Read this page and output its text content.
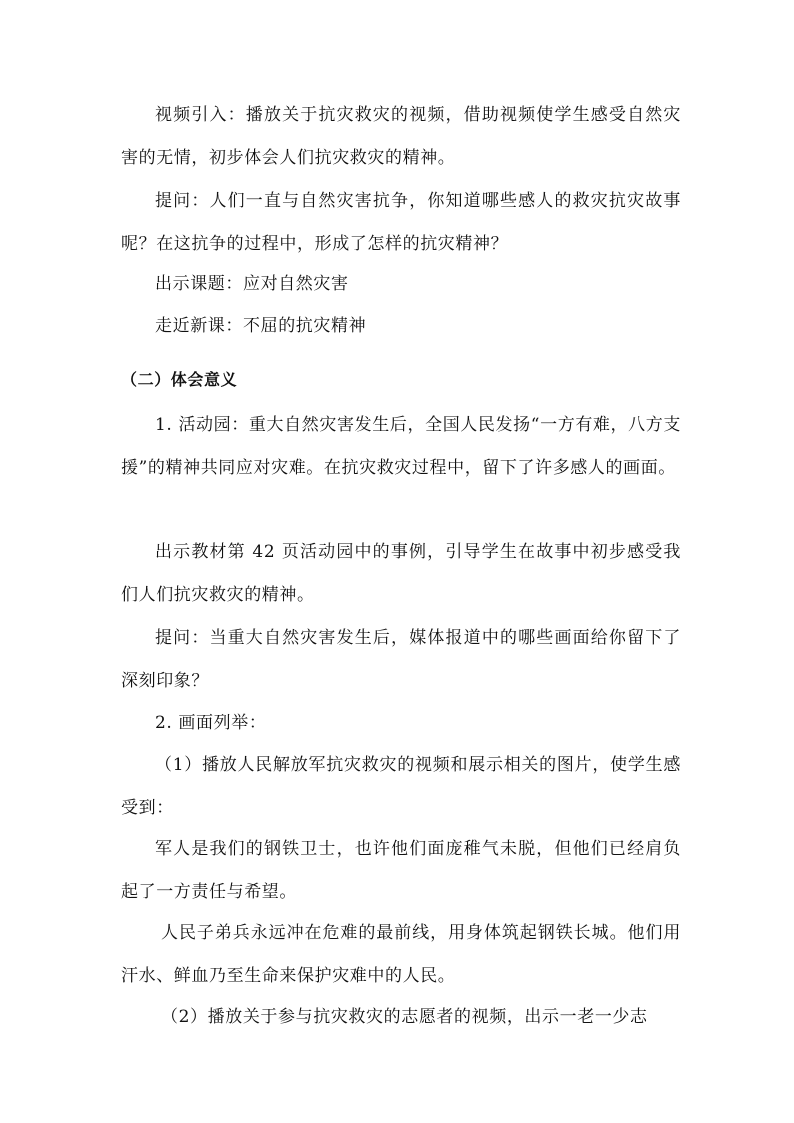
视频引入：播放关于抗灾救灾的视频，借助视频使学生感受自然灾害的无情，初步体会人们抗灾救灾的精神。

提问：人们一直与自然灾害抗争，你知道哪些感人的救灾抗灾故事呢？在这抗争的过程中，形成了怎样的抗灾精神？

出示课题：应对自然灾害

走近新课：不屈的抗灾精神

（二）体会意义

1. 活动园：重大自然灾害发生后，全国人民发扬“一方有难，八方支援”的精神共同应对灾难。在抗灾救灾过程中，留下了许多感人的画面。

出示教材第 42 页活动园中的事例，引导学生在故事中初步感受我们人们抗灾救灾的精神。

提问：当重大自然灾害发生后，媒体报道中的哪些画面给你留下了深刻印象？

2. 画面列举：

（1）播放人民解放军抗灾救灾的视频和展示相关的图片，使学生感受到：

军人是我们的钢铁卫士，也许他们面庞稚气未脱，但他们已经肩负起了一方责任与希望。

人民子弟兵永远冲在危难的最前线，用身体筑起钢铁长城。他们用汗水、鲜血乃至生命来保护灾难中的人民。

（2）播放关于参与抗灾救灾的志愿者的视频，出示一老一少志
